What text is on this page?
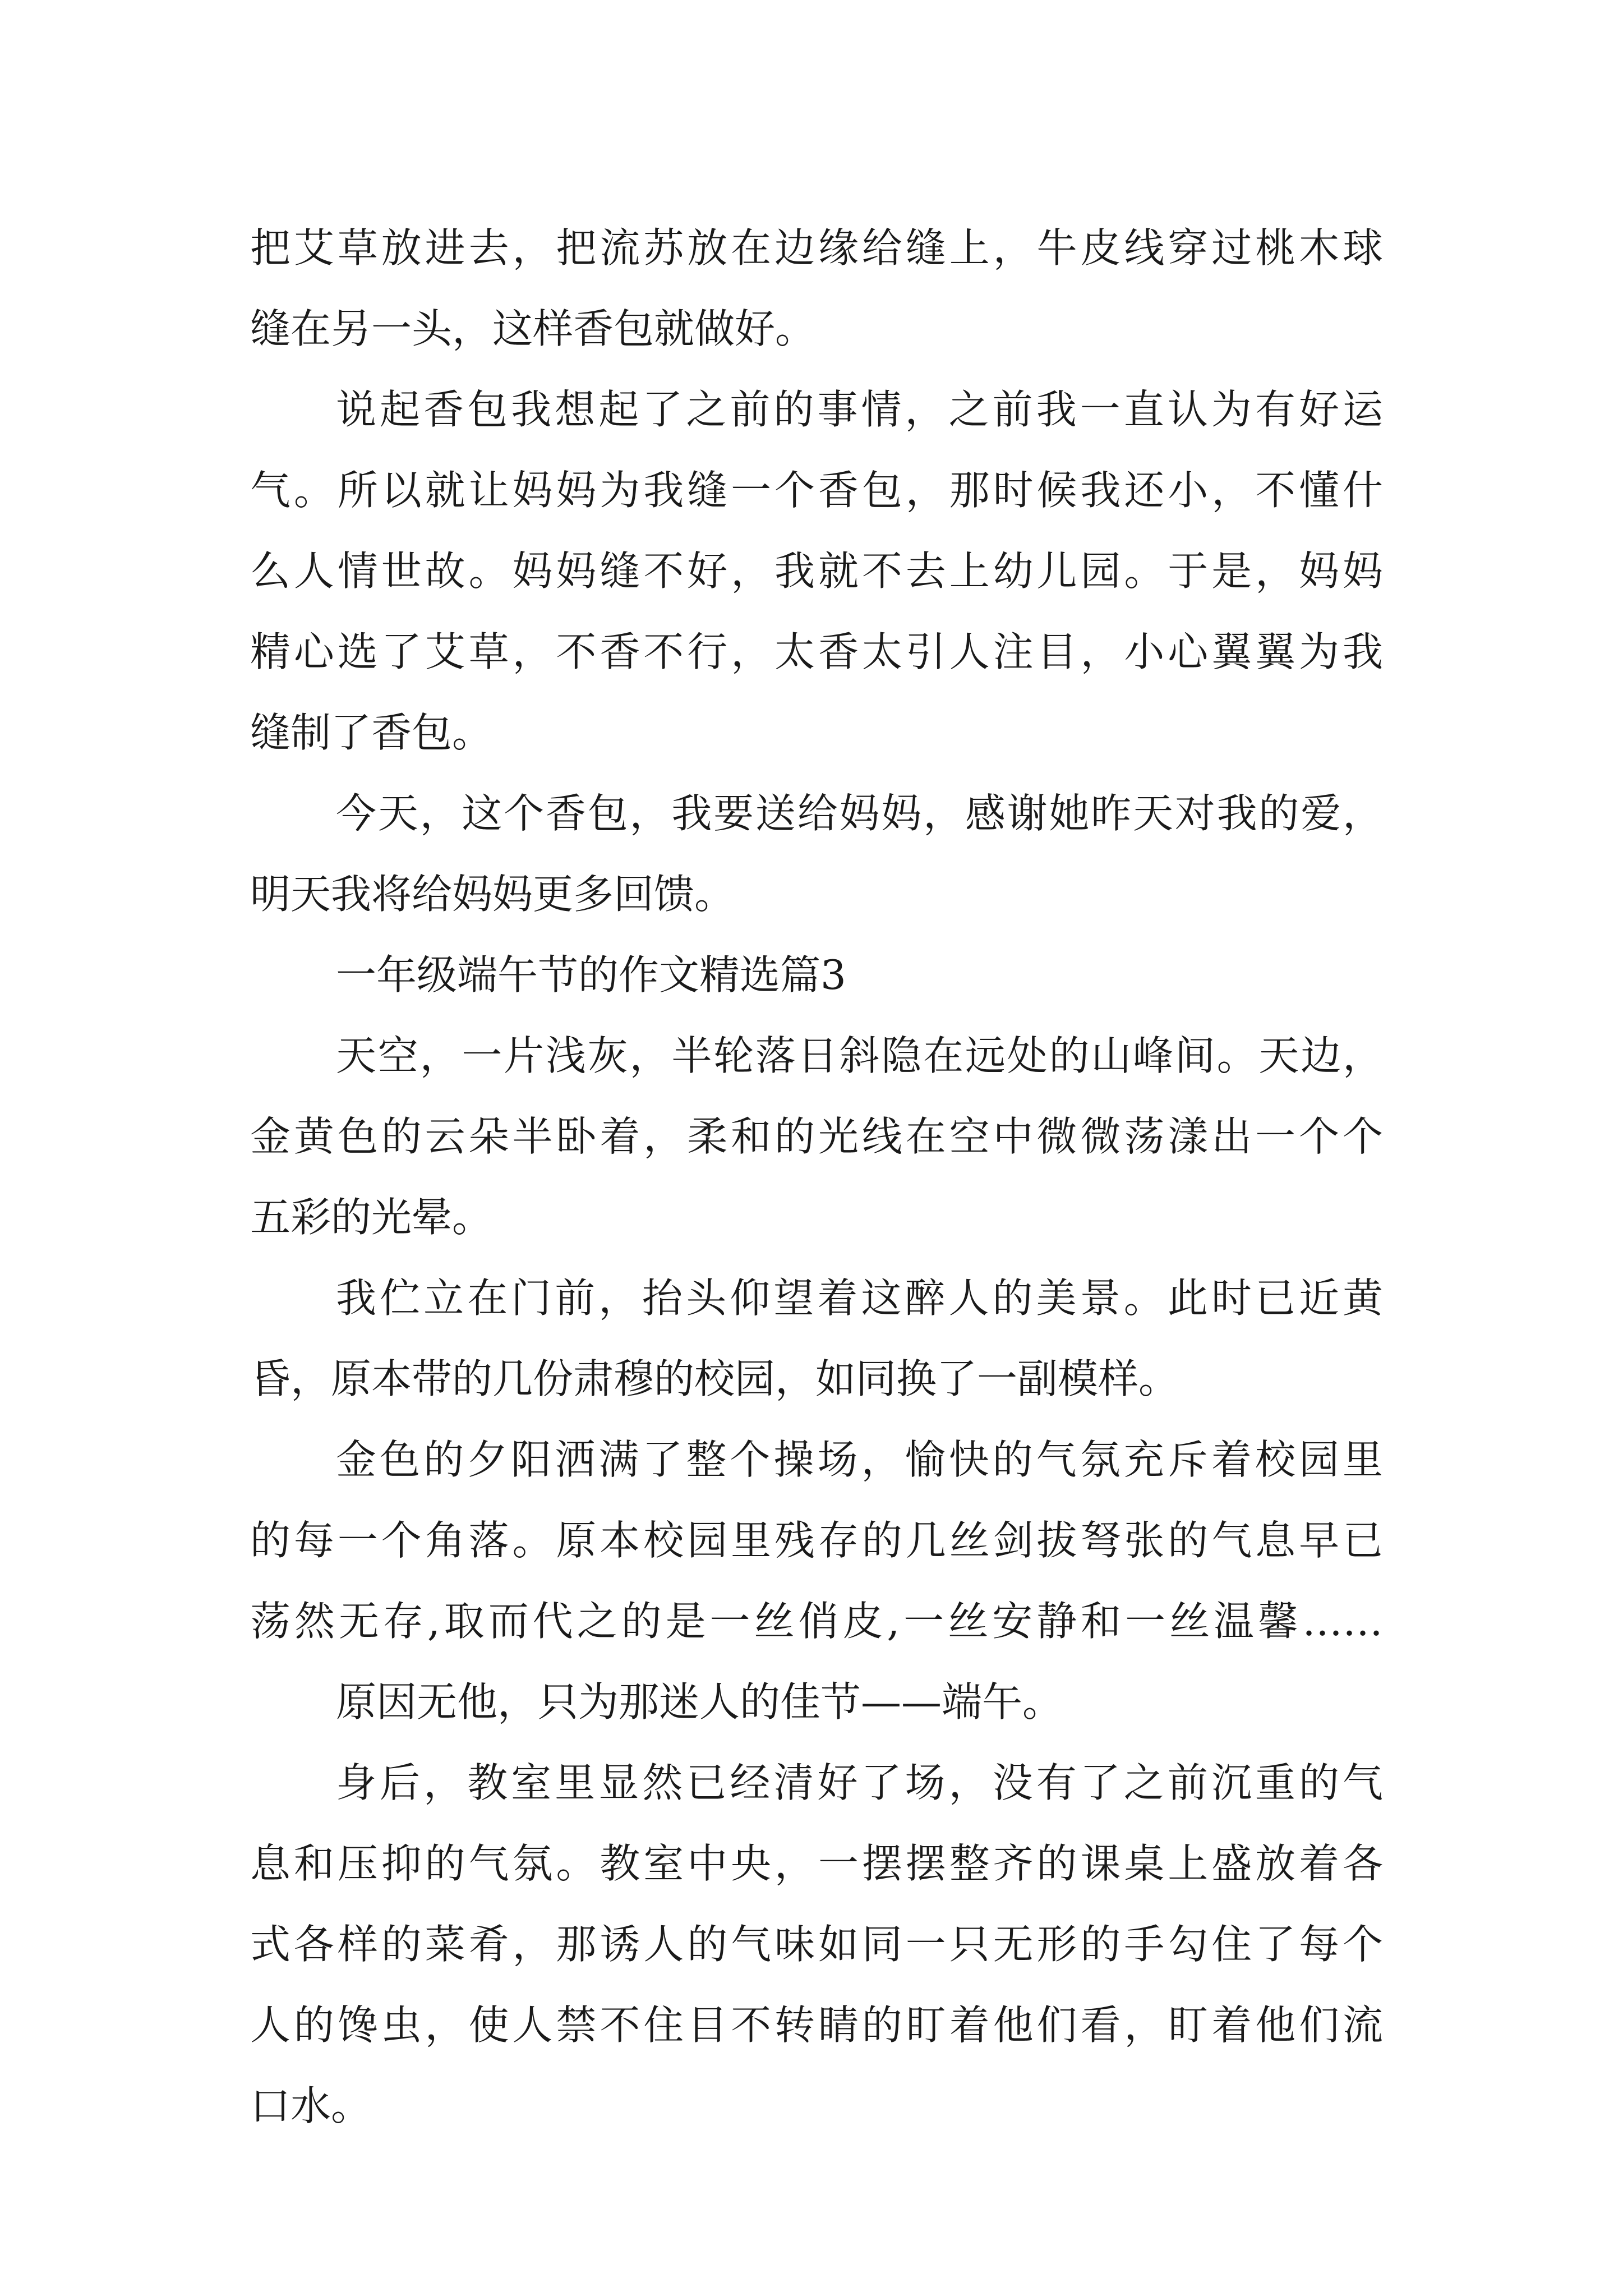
把艾草放进去，把流苏放在边缘给缝上，牛皮线穿过桃木球
缝在另一头，这样香包就做好。
说起香包我想起了之前的事情，之前我一直认为有好运
气。所以就让妈妈为我缝一个香包，那时候我还小，不懂什
么人情世故。妈妈缝不好，我就不去上幼儿园。于是，妈妈
精心选了艾草，不香不行，太香太引人注目，小心翼翼为我
缝制了香包。
今天，这个香包，我要送给妈妈，感谢她昨天对我的爱，
明天我将给妈妈更多回馈。
一年级端午节的作文精选篇3
天空，一片浅灰，半轮落日斜隐在远处的山峰间。天边，
金黄色的云朵半卧着，柔和的光线在空中微微荡漾出一个个
五彩的光晕。
我伫立在门前，抬头仰望着这醉人的美景。此时已近黄
昏，原本带的几份肃穆的校园，如同换了一副模样。
金色的夕阳洒满了整个操场，愉快的气氛充斥着校园里
的每一个角落。原本校园里残存的几丝剑拔弩张的气息早已
荡然无存,取而代之的是一丝俏皮,一丝安静和一丝温馨……
原因无他，只为那迷人的佳节——端午。
身后，教室里显然已经清好了场，没有了之前沉重的气
息和压抑的气氛。教室中央，一摆摆整齐的课桌上盛放着各
式各样的菜肴，那诱人的气味如同一只无形的手勾住了每个
人的馋虫，使人禁不住目不转睛的盯着他们看，盯着他们流
口水。
